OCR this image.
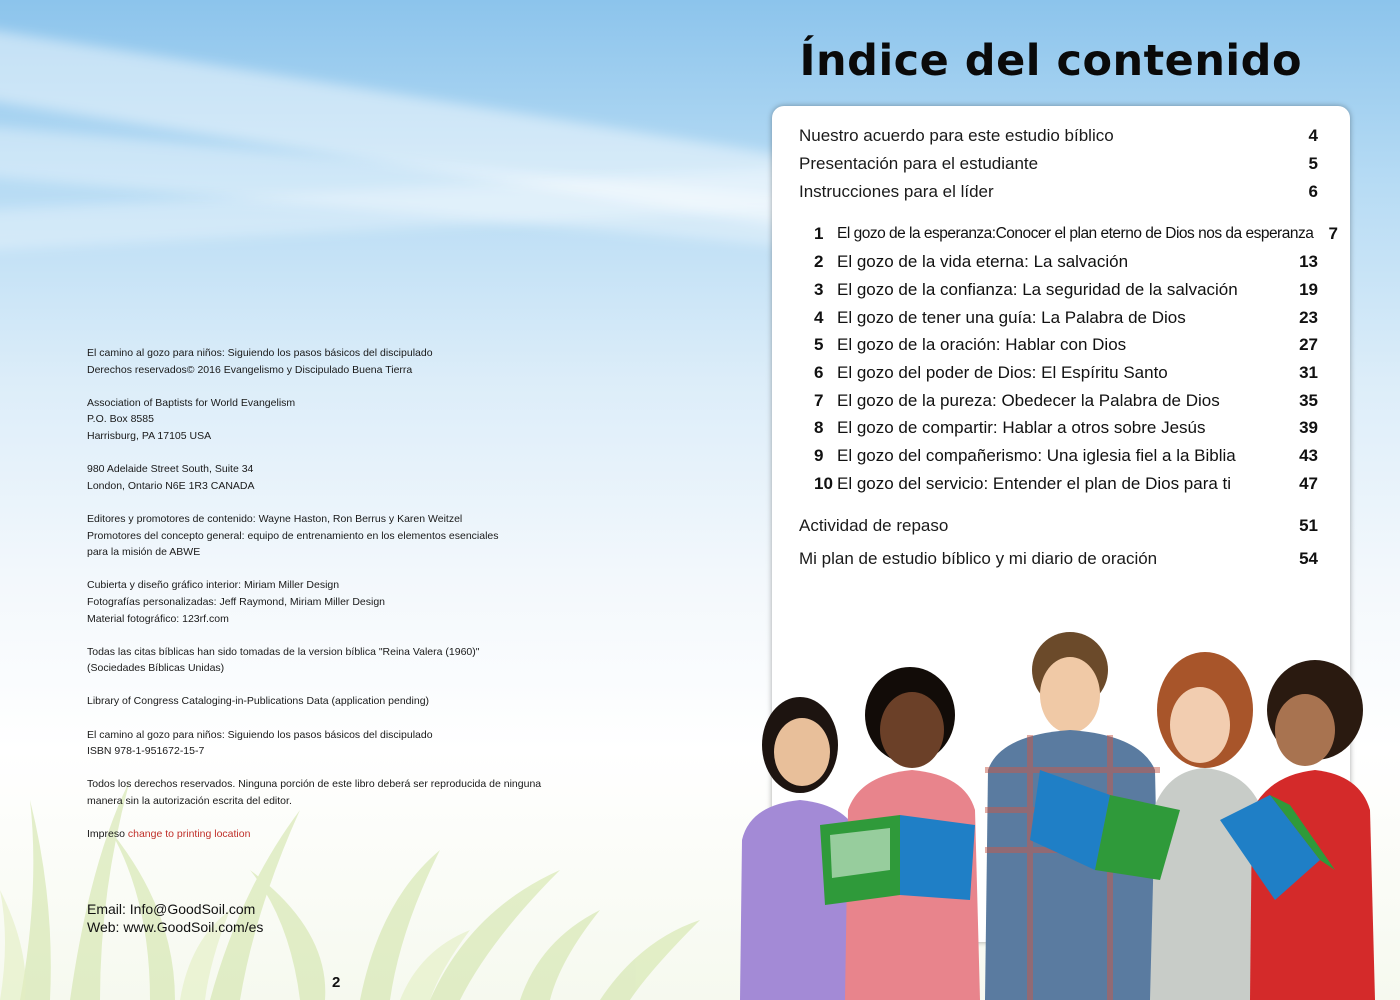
El camino al gozo para niños: Siguiendo los pasos básicos del discipulado
Derechos reservados© 2016 Evangelismo y Discipulado Buena Tierra

Association of Baptists for World Evangelism
P.O. Box 8585
Harrisburg, PA 17105 USA

980 Adelaide Street South, Suite 34
London, Ontario N6E 1R3 CANADA

Editores y promotores de contenido: Wayne Haston, Ron Berrus y Karen Weitzel
Promotores del concepto general: equipo de entrenamiento en los elementos esenciales
para la misión de ABWE

Cubierta y diseño gráfico interior: Miriam Miller Design
Fotografías personalizadas: Jeff Raymond, Miriam Miller Design
Material fotográfico: 123rf.com

Todas las citas bíblicas han sido tomadas de la version bíblica "Reina Valera (1960)"
(Sociedades Bíblicas Unidas)

Library of Congress Cataloging-in-Publications Data (application pending)

El camino al gozo para niños: Siguiendo los pasos básicos del discipulado
ISBN 978-1-951672-15-7

Todos los derechos reservados. Ninguna porción de este libro deberá ser reproducida de ninguna
manera sin la autorización escrita del editor.

Impreso change to printing location

Email: Info@GoodSoil.com
Web: www.GoodSoil.com/es
2
Índice del contenido
Nuestro acuerdo para este estudio bíblico	4
Presentación para el estudiante	5
Instrucciones para el líder	6
1 El gozo de la esperanza:Conocer el plan eterno de Dios nos da esperanza 7
2 El gozo de la vida eterna: La salvación	13
3 El gozo de la confianza: La seguridad de la salvación	19
4 El gozo de tener una guía: La Palabra de Dios	23
5 El gozo de la oración: Hablar con Dios	27
6 El gozo del poder de Dios: El Espíritu Santo	31
7 El gozo de la pureza: Obedecer la Palabra de Dios	35
8 El gozo de compartir: Hablar a otros sobre Jesús	39
9 El gozo del compañerismo: Una iglesia fiel a la Biblia	43
10 El gozo del servicio: Entender el plan de Dios para ti	47
Actividad de repaso	51
Mi plan de estudio bíblico y mi diario de oración	54
